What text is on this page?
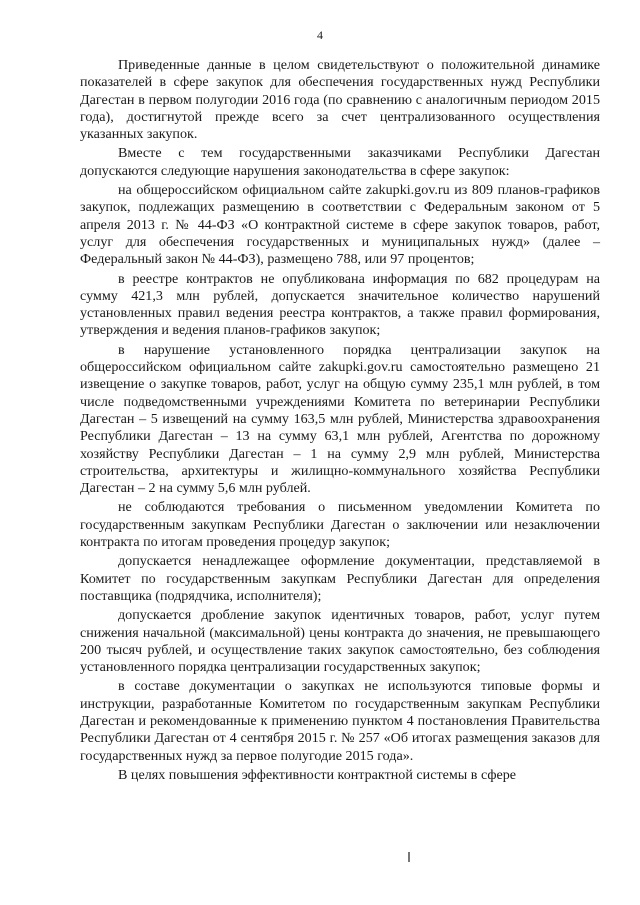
4

Приведенные данные в целом свидетельствуют о положительной динамике показателей в сфере закупок для обеспечения государственных нужд Республики Дагестан в первом полугодии 2016 года (по сравнению с аналогичным периодом 2015 года), достигнутой прежде всего за счет централизованного осуществления указанных закупок.

Вместе с тем государственными заказчиками Республики Дагестан допускаются следующие нарушения законодательства в сфере закупок:

на общероссийском официальном сайте zakupki.gov.ru из 809 планов-графиков закупок, подлежащих размещению в соответствии с Федеральным законом от 5 апреля 2013 г. № 44-ФЗ «О контрактной системе в сфере закупок товаров, работ, услуг для обеспечения государственных и муниципальных нужд» (далее – Федеральный закон № 44-ФЗ), размещено 788, или 97 процентов;

в реестре контрактов не опубликована информация по 682 процедурам на сумму 421,3 млн рублей, допускается значительное количество нарушений установленных правил ведения реестра контрактов, а также правил формирования, утверждения и ведения планов-графиков закупок;

в нарушение установленного порядка централизации закупок на общероссийском официальном сайте zakupki.gov.ru самостоятельно размещено 21 извещение о закупке товаров, работ, услуг на общую сумму 235,1 млн рублей, в том числе подведомственными учреждениями Комитета по ветеринарии Республики Дагестан – 5 извещений на сумму 163,5 млн рублей, Министерства здравоохранения Республики Дагестан – 13 на сумму 63,1 млн рублей, Агентства по дорожному хозяйству Республики Дагестан – 1 на сумму 2,9 млн рублей, Министерства строительства, архитектуры и жилищно-коммунального хозяйства Республики Дагестан – 2 на сумму 5,6 млн рублей.

не соблюдаются требования о письменном уведомлении Комитета по государственным закупкам Республики Дагестан о заключении или незаключении контракта по итогам проведения процедур закупок;

допускается ненадлежащее оформление документации, представляемой в Комитет по государственным закупкам Республики Дагестан для определения поставщика (подрядчика, исполнителя);

допускается дробление закупок идентичных товаров, работ, услуг путем снижения начальной (максимальной) цены контракта до значения, не превышающего 200 тысяч рублей, и осуществление таких закупок самостоятельно, без соблюдения установленного порядка централизации государственных закупок;

в составе документации о закупках не используются типовые формы и инструкции, разработанные Комитетом по государственным закупкам Республики Дагестан и рекомендованные к применению пунктом 4 постановления Правительства Республики Дагестан от 4 сентября 2015 г. № 257 «Об итогах размещения заказов для государственных нужд за первое полугодие 2015 года».

В целях повышения эффективности контрактной системы в сфере
